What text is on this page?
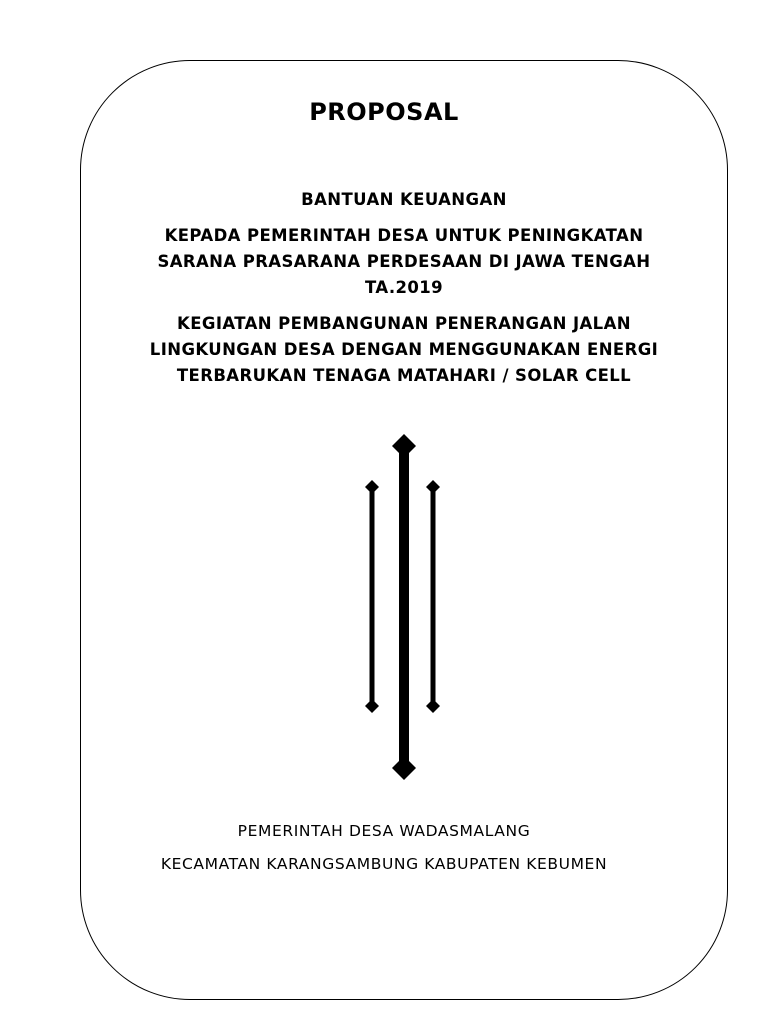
PROPOSAL
BANTUAN KEUANGAN
KEPADA PEMERINTAH DESA UNTUK PENINGKATAN
SARANA PRASARANA PERDESAAN DI JAWA TENGAH
TA.2019
KEGIATAN PEMBANGUNAN PENERANGAN JALAN
LINGKUNGAN DESA DENGAN MENGGUNAKAN ENERGI
TERBARUKAN TENAGA MATAHARI / SOLAR CELL
PEMERINTAH DESA WADASMALANG
KECAMATAN KARANGSAMBUNG KABUPATEN KEBUMEN
